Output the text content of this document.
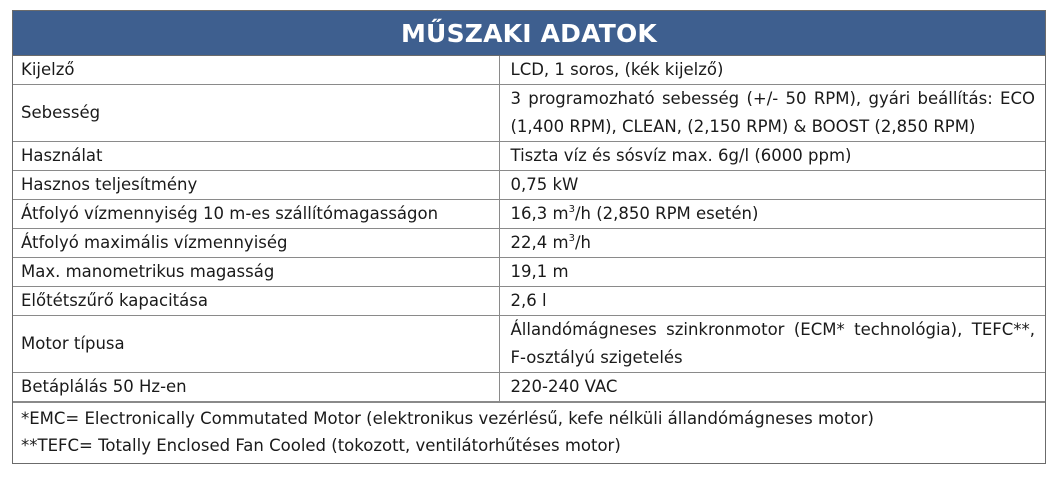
MŰSZAKI ADATOK
Kijelző	LCD, 1 soros, (kék kijelző)
Sebesség	3 programozható sebesség (+/- 50 RPM), gyári beállítás: ECO (1,400 RPM), CLEAN, (2,150 RPM) & BOOST (2,850 RPM)
Használat	Tiszta víz és sósvíz max. 6g/l (6000 ppm)
Hasznos teljesítmény	0,75 kW
Átfolyó vízmennyiség 10 m-es szállítómagasságon	16,3 $m^3/h$ (2,850 RPM esetén)
Átfolyó maximális vízmennyiség	22,4 $m^3/h$
Max. manometrikus magasság	19,1 m
Előtétszűrő kapacitása	2,6 l
Motor típusa	Állandómágneses szinkronmotor (ECM* technológia), TEFC**, F-osztályú szigetelés
Betáplálás 50 Hz-en	220-240 VAC
*EMC= Electronically Commutated Motor (elektronikus vezérlésű, kefe nélküli állandómágneses motor)
**TEFC= Totally Enclosed Fan Cooled (tokozott, ventilátorhűtéses motor)
